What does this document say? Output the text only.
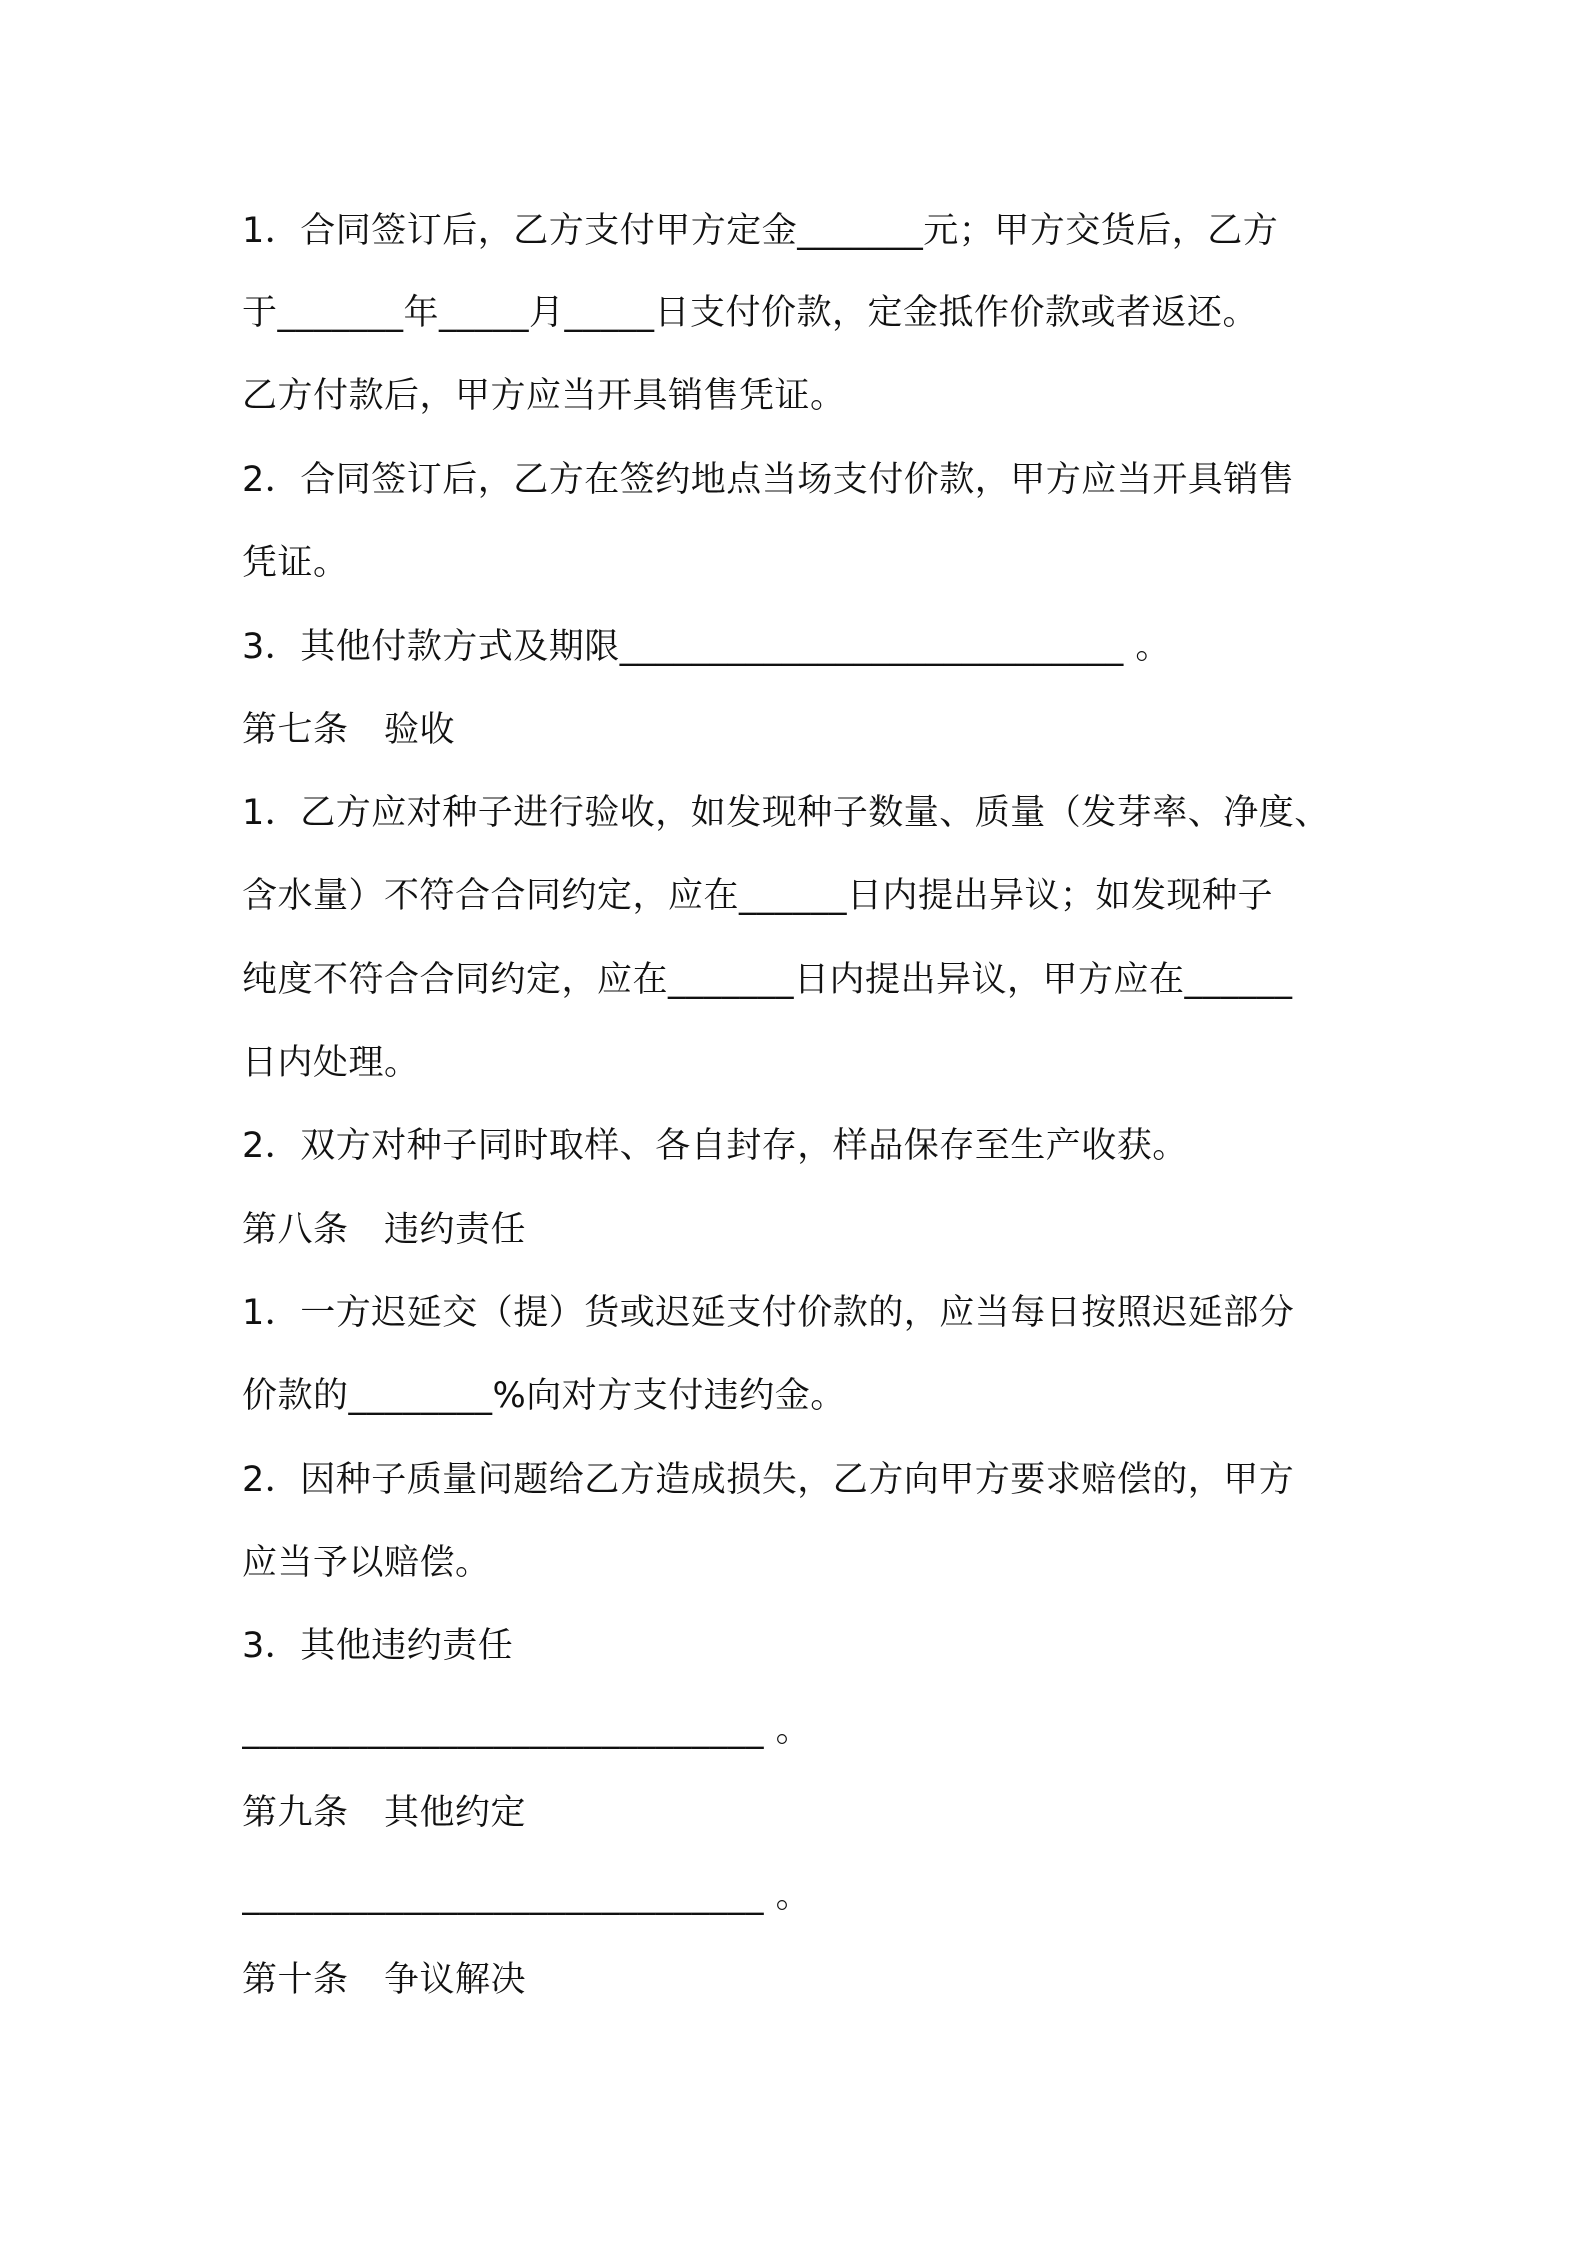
1．合同签订后，乙方支付甲方定金_______元；甲方交货后，乙方
于_______年_____月_____日支付价款，定金抵作价款或者返还。
乙方付款后，甲方应当开具销售凭证。
2．合同签订后，乙方在签约地点当场支付价款，甲方应当开具销售
凭证。
3．其他付款方式及期限____________________________ 。
第七条　验收
1．乙方应对种子进行验收，如发现种子数量、质量（发芽率、净度、
含水量）不符合合同约定，应在______日内提出异议；如发现种子
纯度不符合合同约定，应在_______日内提出异议，甲方应在______
日内处理。
2．双方对种子同时取样、各自封存，样品保存至生产收获。
第八条　违约责任
1．一方迟延交（提）货或迟延支付价款的，应当每日按照迟延部分
价款的________%向对方支付违约金。
2．因种子质量问题给乙方造成损失，乙方向甲方要求赔偿的，甲方
应当予以赔偿。
3．其他违约责任
_____________________________ 。
第九条　其他约定
_____________________________ 。
第十条　争议解决
